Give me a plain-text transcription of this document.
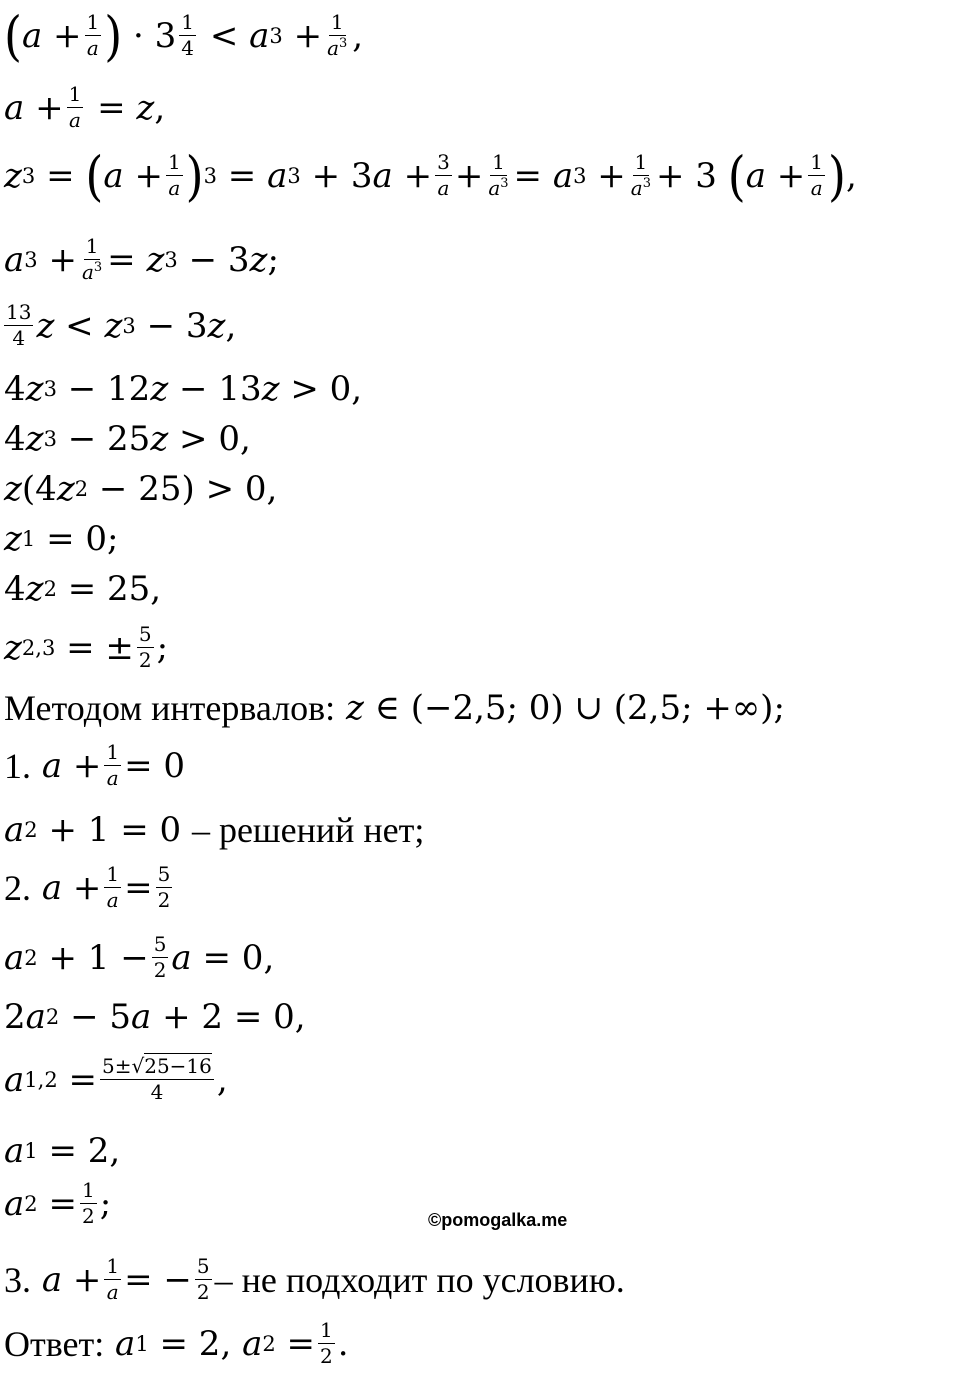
( $a + \frac{1}{a}$ ) · $3 \frac{1}{4} < a$ $3 + \frac{1}{a^3}$ ,
$a + \frac{1}{a} = z$ ,
z 3 = ( $a + \frac{1}{a}$ ) 3 = a 3 + 3 $a + \frac{3}{a} + \frac{1}{a^3} = a$ $3 + \frac{1}{a^3} + 3$ ( $a + \frac{1}{a}$ ) ,
a $3 + \frac{1}{a^3} = z$ 3 − 3 z ;
$\frac{13}{4}$ z < z 3 − 3 z ,
4 z 3 − 12 z − 13 z > 0,
4 z 3 − 25 z > 0,
z (4 z 2 − 25) > 0,
z 1 = 0;
4 z 2 = 25,
z 2,3 = ± $\frac{5}{2}$ ;
Методом интервалов:
z ∈ (−2,5; 0) ∪ (2,5; +∞);
1.
$a + \frac{1}{a} = 0$
a 2 + 1 = 0 – решений нет;
2.
$a + \frac{1}{a} = \frac{5}{2}$
a $2 + 1 - \frac{5}{2}$ a = 0,
2 a 2 − 5 a + 2 = 0,
a $1,2 = \frac{5\pm√25-16}{4}$ ,
a 1 = 2,
a $2 = \frac{1}{2}$ ;	©pomogalka.me
3.
$a + \frac{1}{a}$ = − $\frac{5}{2}$ – не подходит по условию.
Ответ:
a 1 = 2, a $2 = \frac{1}{2}$ .
